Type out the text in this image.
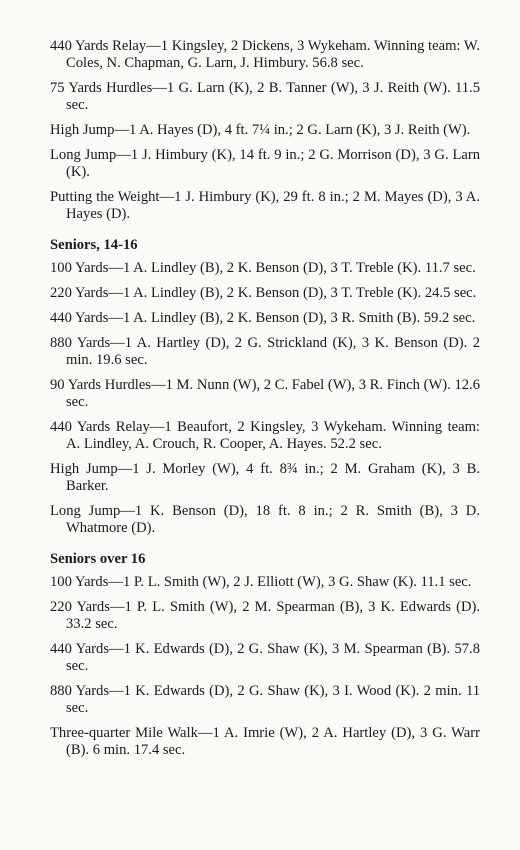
440 Yards Relay—1 Kingsley, 2 Dickens, 3 Wykeham. Winning team: W. Coles, N. Chapman, G. Larn, J. Himbury. 56.8 sec.

75 Yards Hurdles—1 G. Larn (K), 2 B. Tanner (W), 3 J. Reith (W). 11.5 sec.

High Jump—1 A. Hayes (D), 4 ft. 7¼ in.; 2 G. Larn (K), 3 J. Reith (W).

Long Jump—1 J. Himbury (K), 14 ft. 9 in.; 2 G. Morrison (D), 3 G. Larn (K).

Putting the Weight—1 J. Himbury (K), 29 ft. 8 in.; 2 M. Mayes (D), 3 A. Hayes (D).

Seniors, 14-16

100 Yards—1 A. Lindley (B), 2 K. Benson (D), 3 T. Treble (K). 11.7 sec.

220 Yards—1 A. Lindley (B), 2 K. Benson (D), 3 T. Treble (K). 24.5 sec.

440 Yards—1 A. Lindley (B), 2 K. Benson (D), 3 R. Smith (B). 59.2 sec.

880 Yards—1 A. Hartley (D), 2 G. Strickland (K), 3 K. Benson (D). 2 min. 19.6 sec.

90 Yards Hurdles—1 M. Nunn (W), 2 C. Fabel (W), 3 R. Finch (W). 12.6 sec.

440 Yards Relay—1 Beaufort, 2 Kingsley, 3 Wykeham. Winning team: A. Lindley, A. Crouch, R. Cooper, A. Hayes. 52.2 sec.

High Jump—1 J. Morley (W), 4 ft. 8¾ in.; 2 M. Graham (K), 3 B. Barker.

Long Jump—1 K. Benson (D), 18 ft. 8 in.; 2 R. Smith (B), 3 D. Whatmore (D).

Seniors over 16

100 Yards—1 P. L. Smith (W), 2 J. Elliott (W), 3 G. Shaw (K). 11.1 sec.

220 Yards—1 P. L. Smith (W), 2 M. Spearman (B), 3 K. Edwards (D). 33.2 sec.

440 Yards—1 K. Edwards (D), 2 G. Shaw (K), 3 M. Spearman (B). 57.8 sec.

880 Yards—1 K. Edwards (D), 2 G. Shaw (K), 3 I. Wood (K). 2 min. 11 sec.

Three-quarter Mile Walk—1 A. Imrie (W), 2 A. Hartley (D), 3 G. Warr (B). 6 min. 17.4 sec.
